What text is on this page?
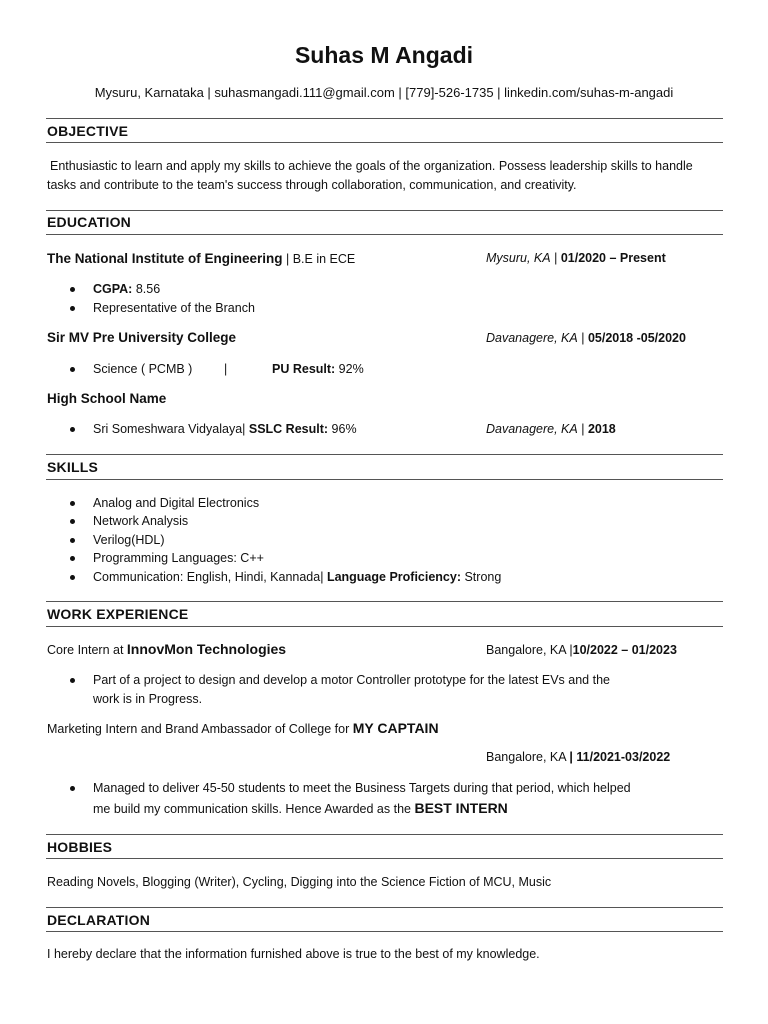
Suhas M Angadi
Mysuru, Karnataka | suhasmangadi.111@gmail.com | [779]-526-1735 | linkedin.com/suhas-m-angadi
OBJECTIVE
Enthusiastic to learn and apply my skills to achieve the goals of the organization. Possess leadership skills to handle tasks and contribute to the team's success through collaboration, communication, and creativity.
EDUCATION
The National Institute of Engineering | B.E in ECE	Mysuru, KA | 01/2020 – Present
CGPA: 8.56
Representative of the Branch
Sir MV Pre University College	Davanagere, KA | 05/2018 -05/2020
Science ( PCMB )	|	PU Result: 92%
High School Name
Sri Someshwara Vidyalaya| SSLC Result: 96%	Davanagere, KA | 2018
SKILLS
Analog and Digital Electronics
Network Analysis
Verilog(HDL)
Programming Languages: C++
Communication: English, Hindi, Kannada| Language Proficiency: Strong
WORK EXPERIENCE
Core Intern at InnovMon Technologies	Bangalore, KA |10/2022 – 01/2023
Part of a project to design and develop a motor Controller prototype for the latest EVs and the
work is in Progress.
Marketing Intern and Brand Ambassador of College for MY CAPTAIN
Bangalore, KA | 11/2021-03/2022
Managed to deliver 45-50 students to meet the Business Targets during that period, which helped
me build my communication skills. Hence Awarded as the BEST INTERN
HOBBIES
Reading Novels, Blogging (Writer), Cycling, Digging into the Science Fiction of MCU, Music
DECLARATION
I hereby declare that the information furnished above is true to the best of my knowledge.
